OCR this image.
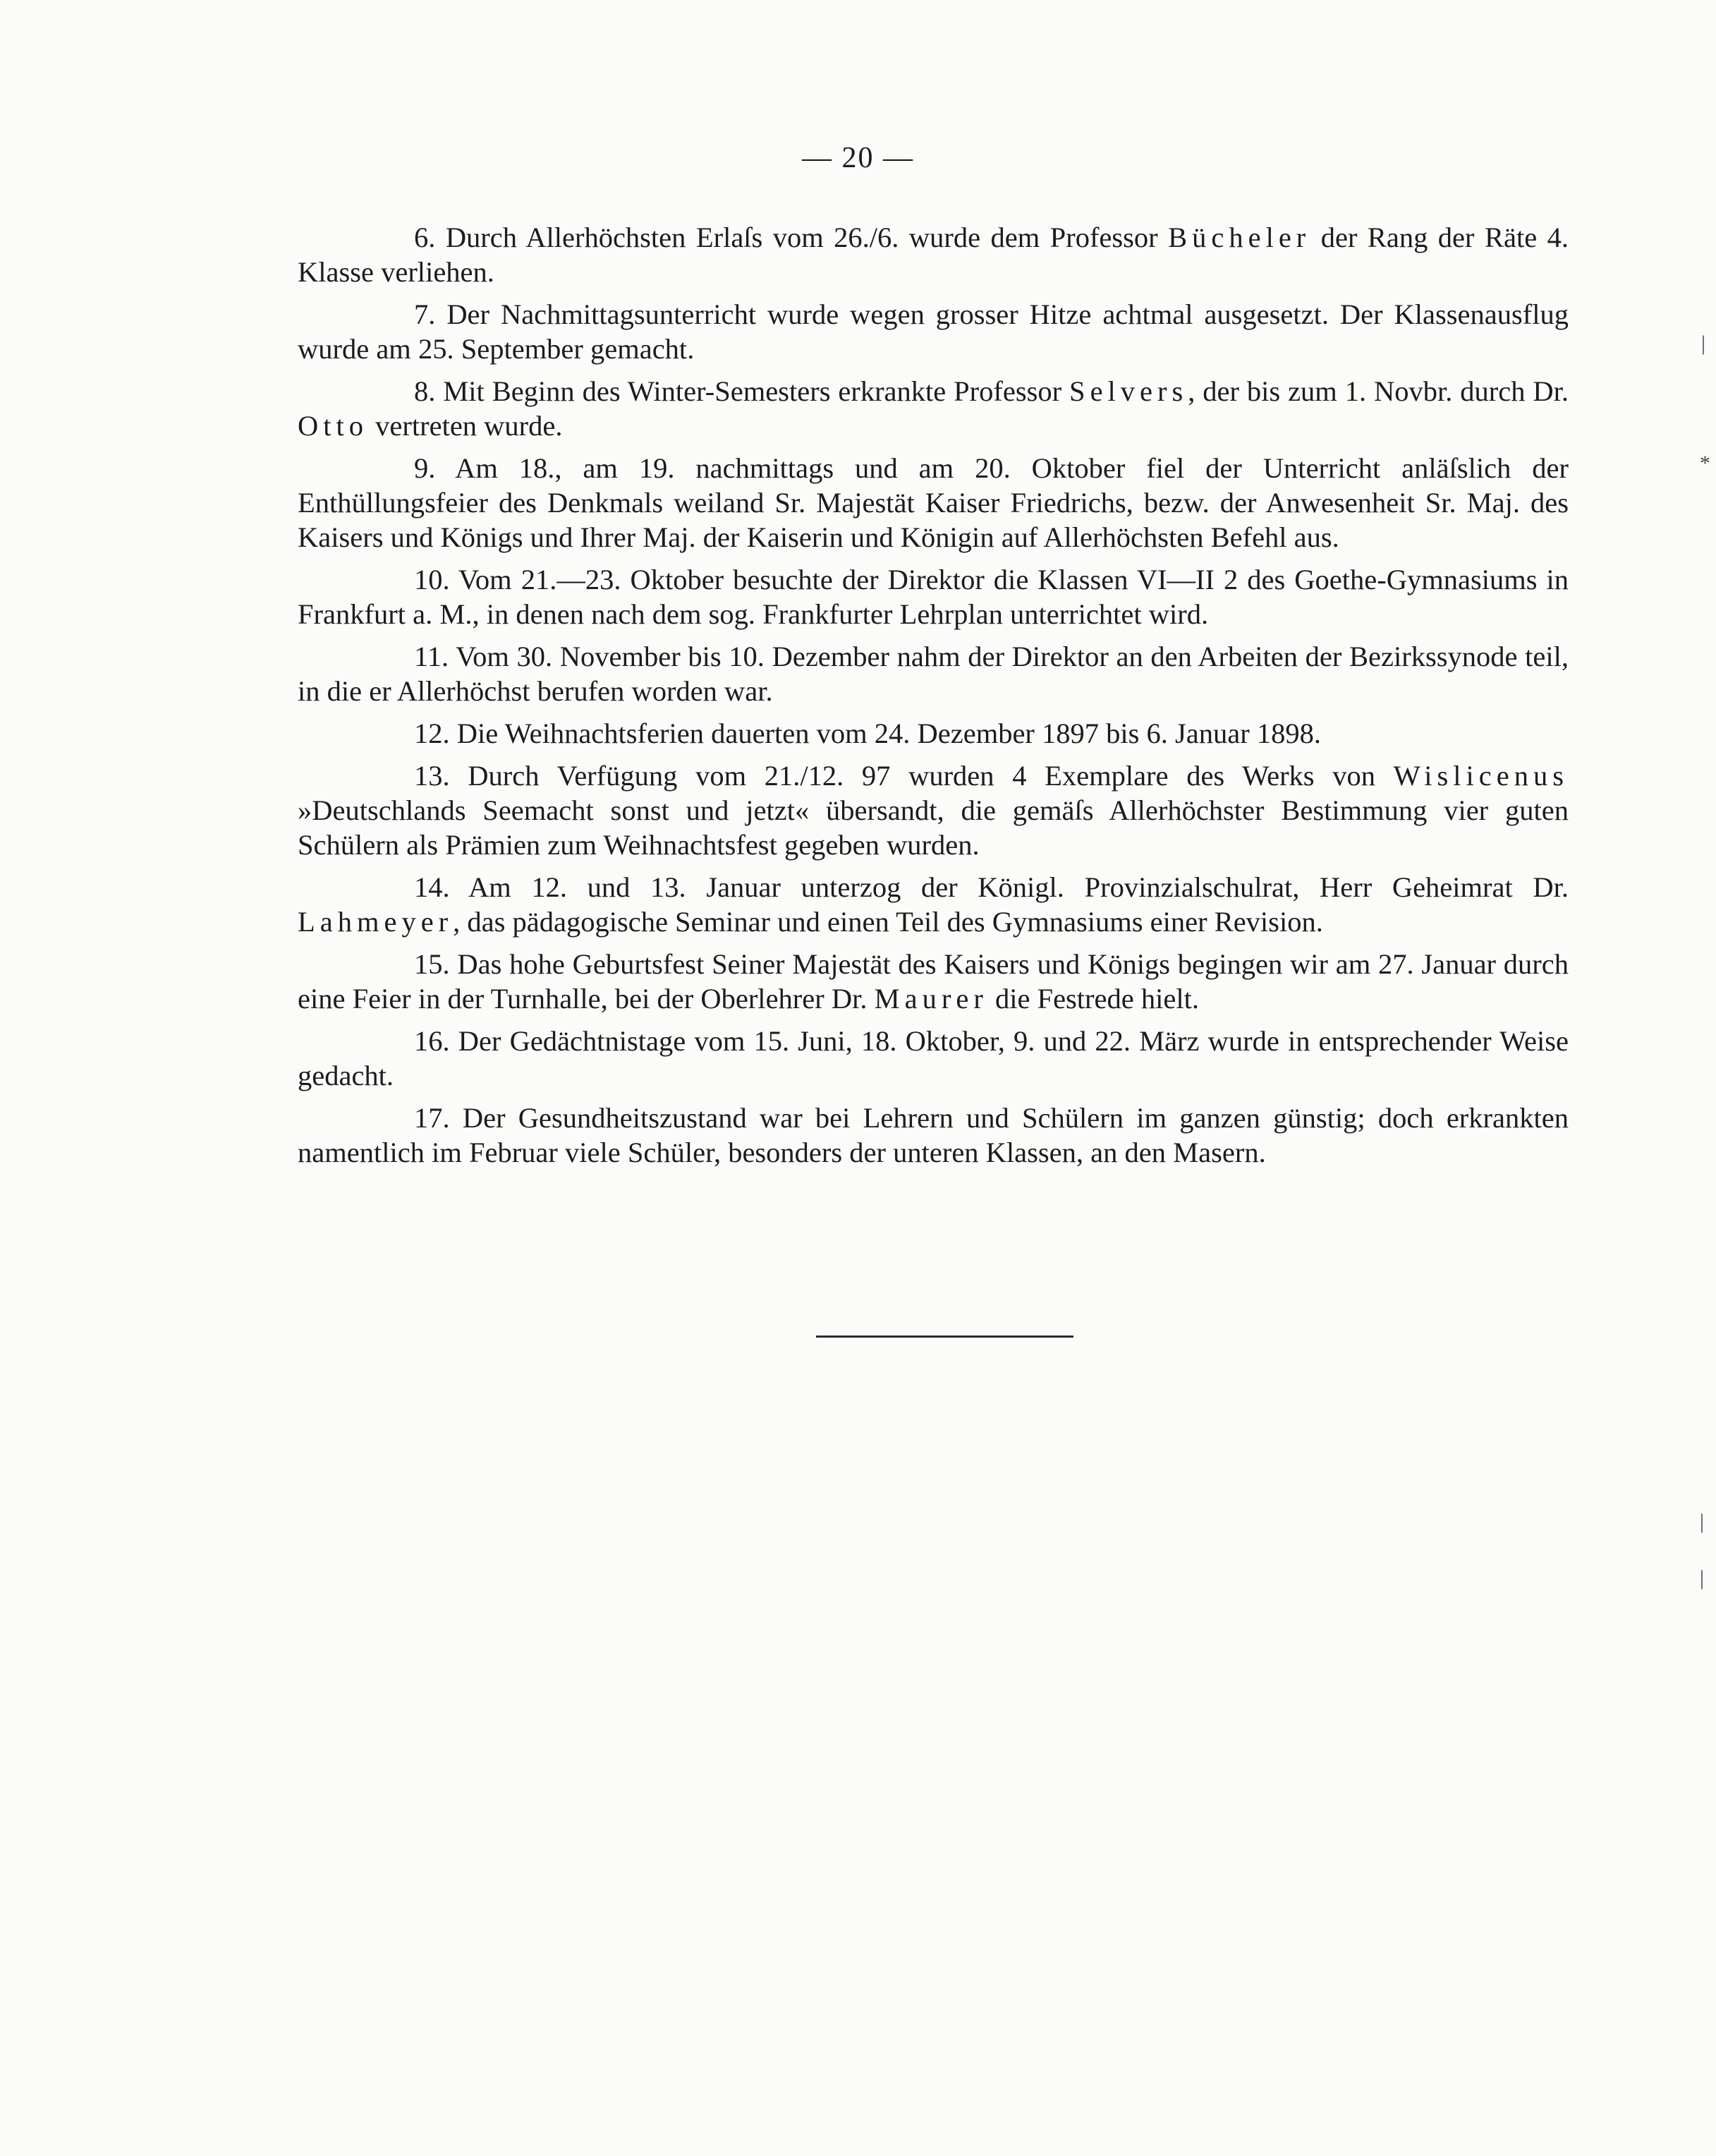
— 20 —

6. Durch Allerhöchsten Erlaſs vom 26./6. wurde dem Professor Bücheler der Rang der Räte 4. Klasse verliehen.

7. Der Nachmittagsunterricht wurde wegen grosser Hitze achtmal ausgesetzt. Der Klassenausflug wurde am 25. September gemacht.

8. Mit Beginn des Winter-Semesters erkrankte Professor Selvers, der bis zum 1. Novbr. durch Dr. Otto vertreten wurde.

9. Am 18., am 19. nachmittags und am 20. Oktober fiel der Unterricht anläſslich der Enthüllungsfeier des Denkmals weiland Sr. Majestät Kaiser Friedrichs, bezw. der Anwesenheit Sr. Maj. des Kaisers und Königs und Ihrer Maj. der Kaiserin und Königin auf Allerhöchsten Befehl aus.

10. Vom 21.—23. Oktober besuchte der Direktor die Klassen VI—II 2 des Goethe-Gymnasiums in Frankfurt a. M., in denen nach dem sog. Frankfurter Lehrplan unterrichtet wird.

11. Vom 30. November bis 10. Dezember nahm der Direktor an den Arbeiten der Bezirkssynode teil, in die er Allerhöchst berufen worden war.

12. Die Weihnachtsferien dauerten vom 24. Dezember 1897 bis 6. Januar 1898.

13. Durch Verfügung vom 21./12. 97 wurden 4 Exemplare des Werks von Wislicenus »Deutschlands Seemacht sonst und jetzt« übersandt, die gemäſs Allerhöchster Bestimmung vier guten Schülern als Prämien zum Weihnachtsfest gegeben wurden.

14. Am 12. und 13. Januar unterzog der Königl. Provinzialschulrat, Herr Geheimrat Dr. Lahmeyer, das pädagogische Seminar und einen Teil des Gymnasiums einer Revision.

15. Das hohe Geburtsfest Seiner Majestät des Kaisers und Königs begingen wir am 27. Januar durch eine Feier in der Turnhalle, bei der Oberlehrer Dr. Maurer die Festrede hielt.

16. Der Gedächtnistage vom 15. Juni, 18. Oktober, 9. und 22. März wurde in entsprechender Weise gedacht.

17. Der Gesundheitszustand war bei Lehrern und Schülern im ganzen günstig; doch erkrankten namentlich im Februar viele Schüler, besonders der unteren Klassen, an den Masern.

|
*
|
|
